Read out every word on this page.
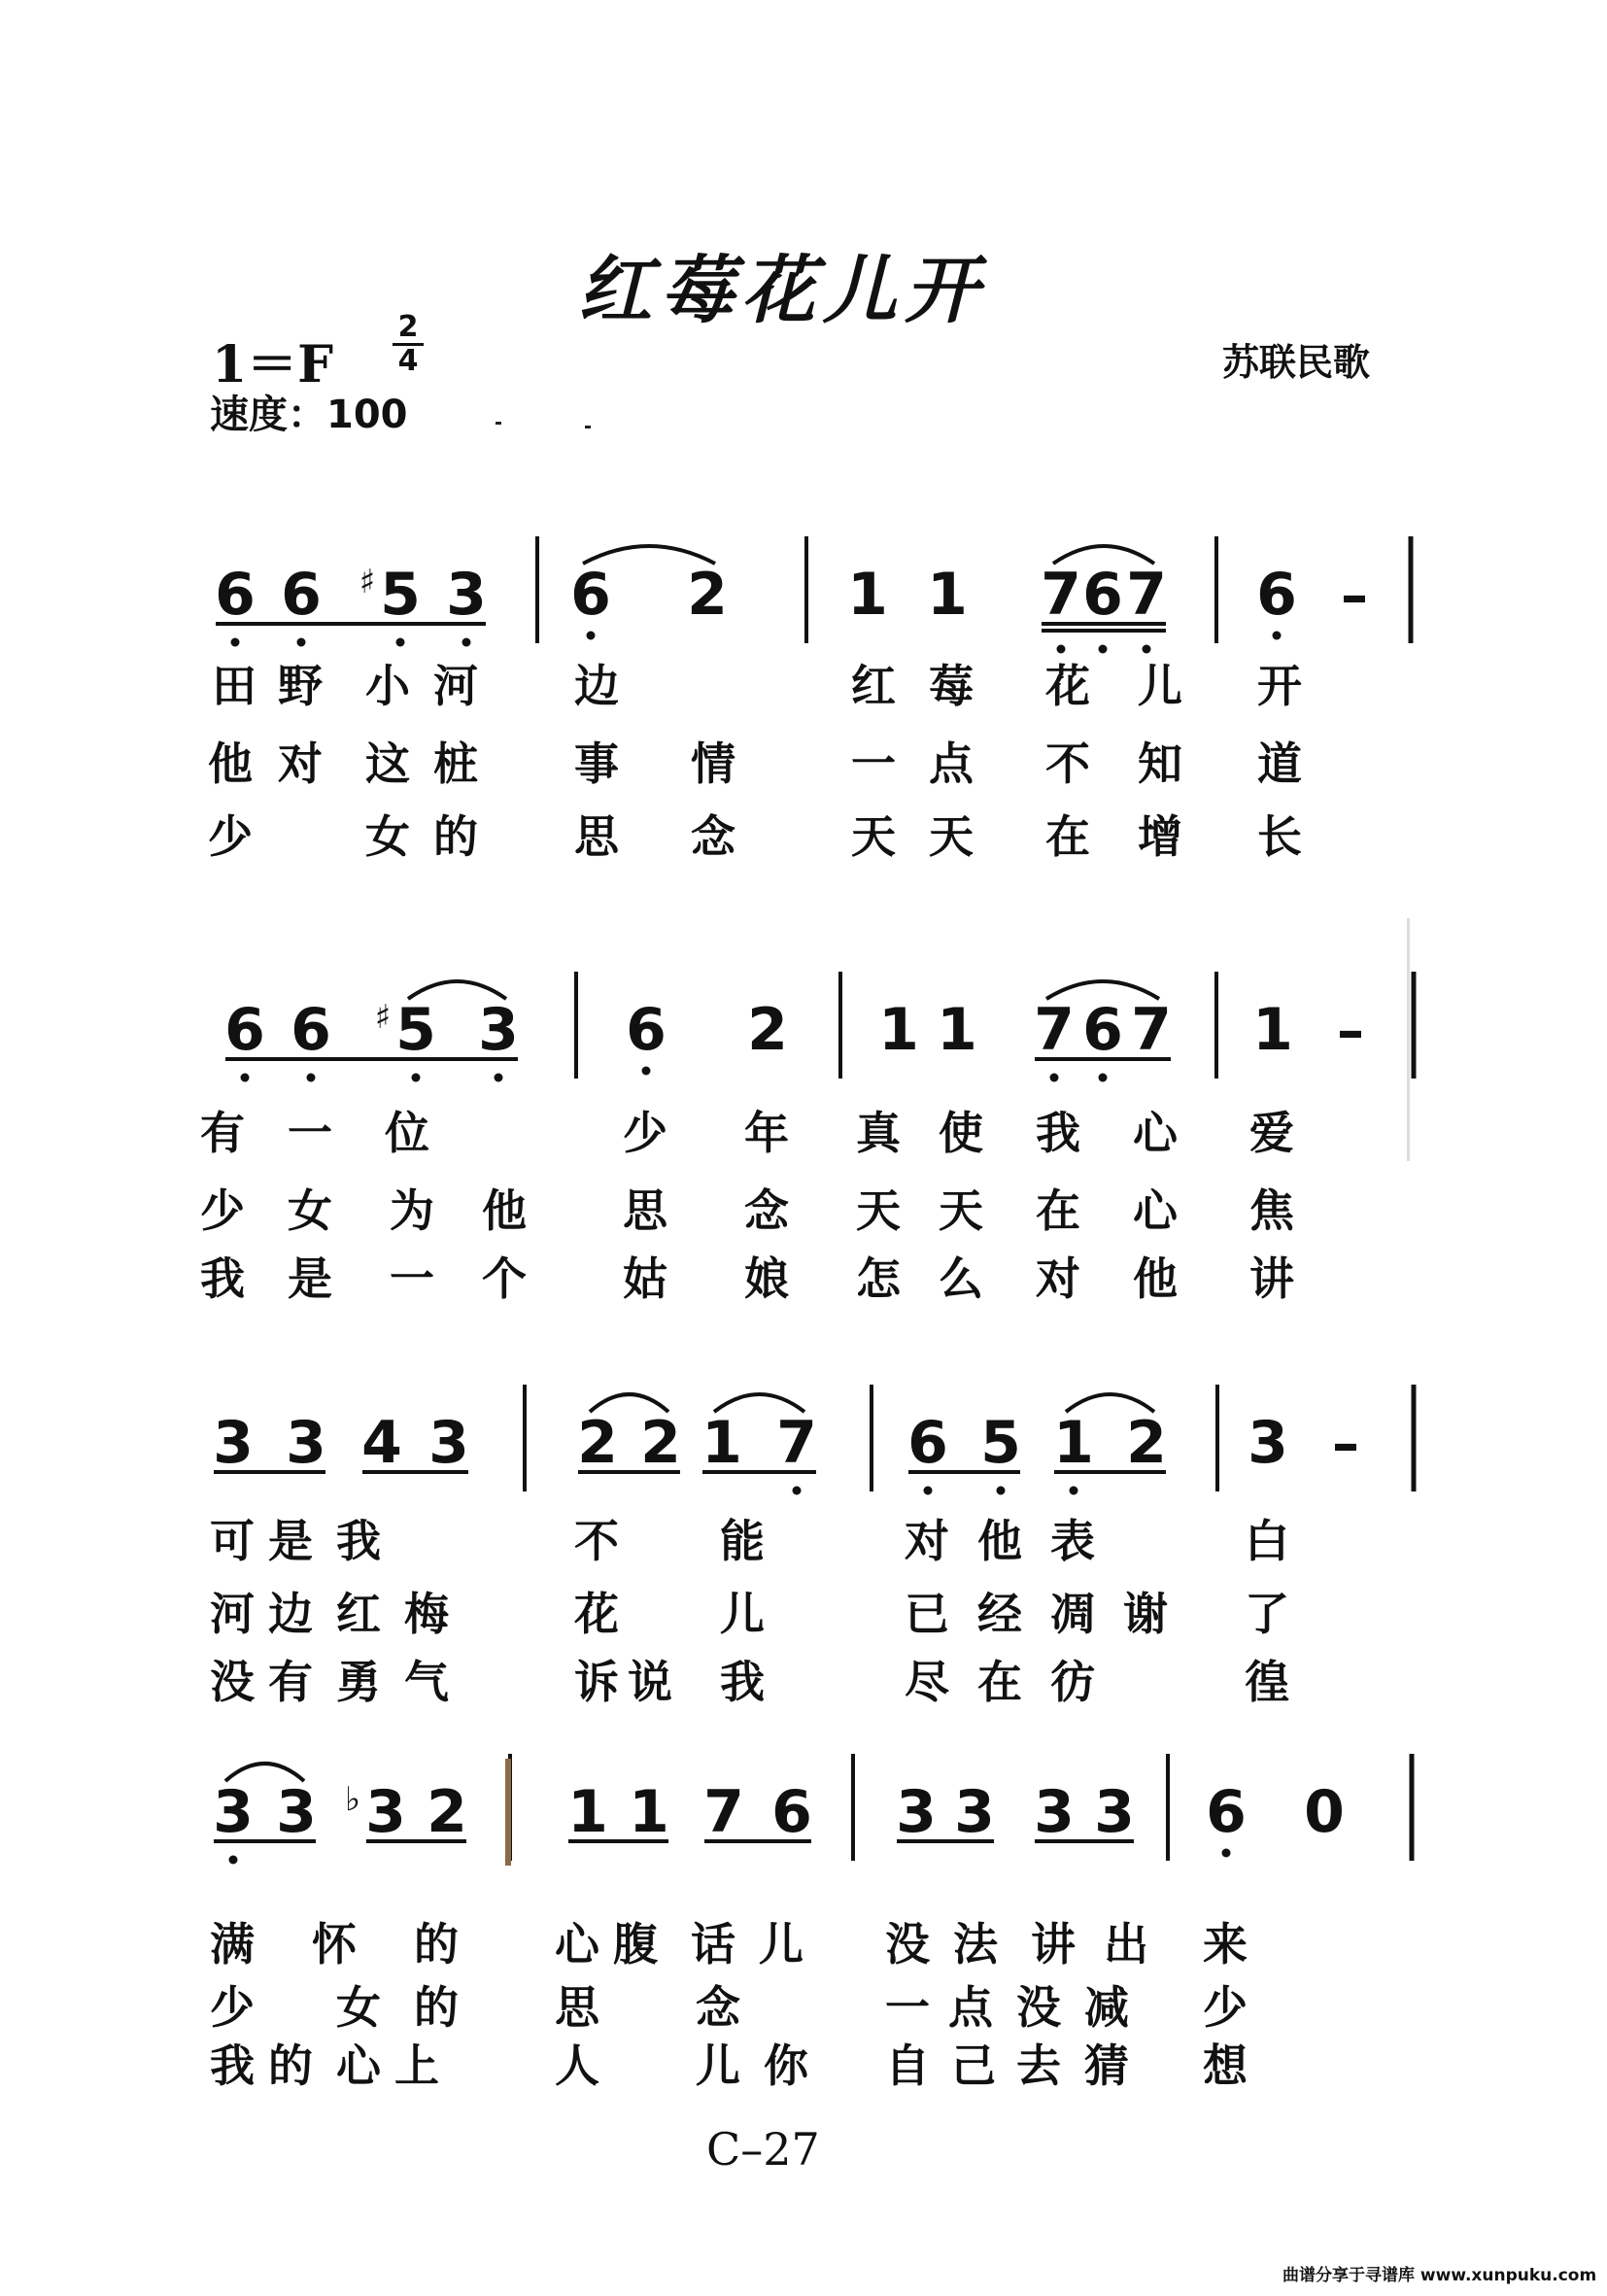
红莓花儿开
1＝F
2
4
速度：100
苏联民歌
6 6 5 3 6 2 1 1 7 6 7 6 –
♯
6 6 5 3 6 2 1 1 7 6 7 1 –
♯
3 3 4 3 2 2 1 7 6 5 1 2 3 –
3 3 3 2 1 1 7 6 3 3 3 3 6 0
♭
田 野 小 河 边	红 莓 花 儿 开
他 对 这 桩 事 情	一 点 不 知 道
少 女 的 思 念	天 天 在 增 长
有 一 位	少 年 真 使 我 心 爱
少 女 为 他 思 念 天 天 在 心 焦
我 是 一 个 姑 娘 怎 么 对 他 讲
可 是 我	不 能	对 他 表	白
河 边 红 梅	花 儿	已 经 凋 谢 了
没 有 勇 气	诉 说 我	尽 在 彷	徨
满 怀 的 心 腹 话 儿 没 法 讲 出 来
少 女 的 思 念	一 点 没 减 少
我 的 心 上	人 儿 你 自 己 去 猜 想
C–27
曲谱分享于寻谱库 www.xunpuku.com
